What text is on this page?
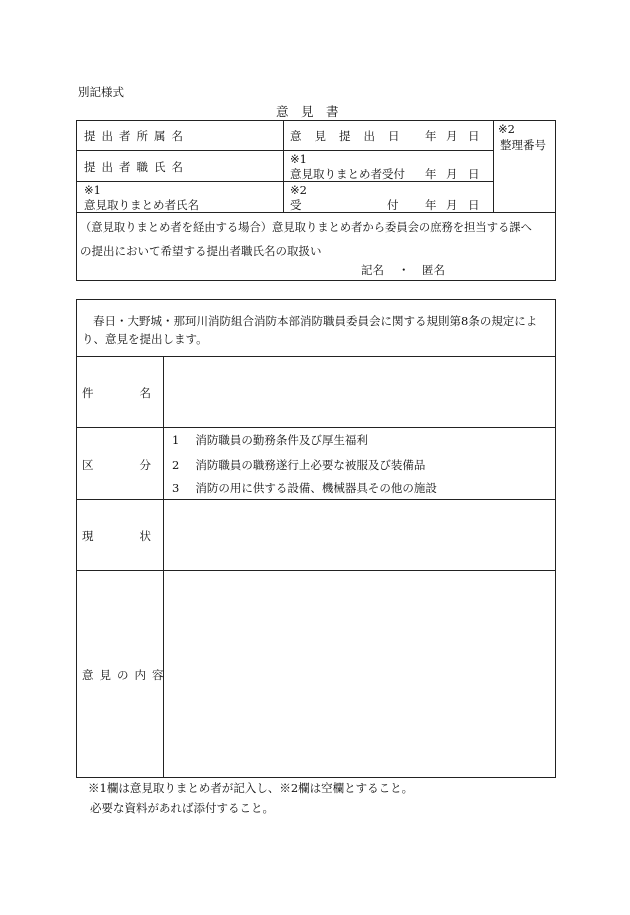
別記様式
意　見　書
提出者所属名	意見提出日 年 月 日 ※2
整理番号
提出者職氏名
※1
意見取りまとめ者受付 年 月 日
※1
意見取りまとめ者氏名
※2
受	付 年 月 日
（意見取りまとめ者を経由する場合）意見取りまとめ者から委員会の庶務を担当する課へ
の提出において希望する提出者職氏名の取扱い
記名 ・ 匿名
春日・大野城・那珂川消防組合消防本部消防職員委員会に関する規則第8条の規定によ
り、意見を提出します。
件　　　　名
区　　　　分
1 消防職員の勤務条件及び厚生福利
2 消防職員の職務遂行上必要な被服及び装備品
3 消防の用に供する設備、機械器具その他の施設
現　　　　状
意見の内容
※1欄は意見取りまとめ者が記入し、※2欄は空欄とすること。
必要な資料があれば添付すること。
